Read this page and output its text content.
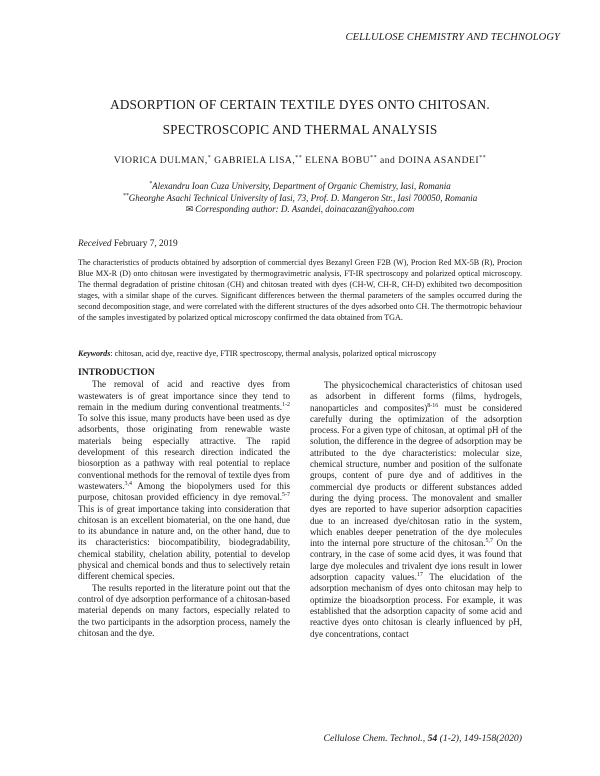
CELLULOSE CHEMISTRY AND TECHNOLOGY
ADSORPTION OF CERTAIN TEXTILE DYES ONTO CHITOSAN.
SPECTROSCOPIC AND THERMAL ANALYSIS
VIORICA DULMAN,* GABRIELA LISA,** ELENA BOBU** and DOINA ASANDEI**
*Alexandru Ioan Cuza University, Department of Organic Chemistry, Iasi, Romania
**Gheorghe Asachi Technical University of Iasi, 73, Prof. D. Mangeron Str., Iasi 700050, Romania
✉ Corresponding author: D. Asandei, doinacazan@yahoo.com
Received February 7, 2019
The characteristics of products obtained by adsorption of commercial dyes Bezanyl Green F2B (W), Procion Red MX-5B (R), Procion Blue MX-R (D) onto chitosan were investigated by thermogravimetric analysis, FT-IR spectroscopy and polarized optical microscopy. The thermal degradation of pristine chitosan (CH) and chitosan treated with dyes (CH-W, CH-R, CH-D) exhibited two decomposition stages, with a similar shape of the curves. Significant differences between the thermal parameters of the samples occurred during the second decomposition stage, and were correlated with the different structures of the dyes adsorbed onto CH. The thermotropic behaviour of the samples investigated by polarized optical microscopy confirmed the data obtained from TGA.
Keywords: chitosan, acid dye, reactive dye, FTIR spectroscopy, thermal analysis, polarized optical microscopy
INTRODUCTION

The removal of acid and reactive dyes from wastewaters is of great importance since they tend to remain in the medium during conventional treatments.$^{1-2}$ To solve this issue, many products have been used as dye adsorbents, those originating from renewable waste materials being especially attractive. The rapid development of this research direction indicated the biosorption as a pathway with real potential to replace conventional methods for the removal of textile dyes from wastewaters.$^{3,4}$ Among the biopolymers used for this purpose, chitosan provided efficiency in dye removal.$^{5-7}$ This is of great importance taking into consideration that chitosan is an excellent biomaterial, on the one hand, due to its abundance in nature and, on the other hand, due to its characteristics: biocompatibility, biodegradability, chemical stability, chelation ability, potential to develop physical and chemical bonds and thus to selectively retain different chemical species.

The results reported in the literature point out that the control of dye adsorption performance of a chitosan-based material depends on many factors, especially related to the two participants in the adsorption process, namely the chitosan and the dye.

The physicochemical characteristics of chitosan used as adsorbent in different forms (films, hydrogels, nanoparticles and composites)$^{8-16}$ must be considered carefully during the optimization of the adsorption process. For a given type of chitosan, at optimal pH of the solution, the difference in the degree of adsorption may be attributed to the dye characteristics: molecular size, chemical structure, number and position of the sulfonate groups, content of pure dye and of additives in the commercial dye products or different substances added during the dying process. The monovalent and smaller dyes are reported to have superior adsorption capacities due to an increased dye/chitosan ratio in the system, which enables deeper penetration of the dye molecules into the internal pore structure of the chitosan.$^{5,7}$ On the contrary, in the case of some acid dyes, it was found that large dye molecules and trivalent dye ions result in lower adsorption capacity values.$^{17}$ The elucidation of the adsorption mechanism of dyes onto chitosan may help to optimize the bioadsorption process. For example, it was established that the adsorption capacity of some acid and reactive dyes onto chitosan is clearly influenced by pH, dye concentrations, contact

Cellulose Chem. Technol., 54 (1-2), 149-158(2020)
